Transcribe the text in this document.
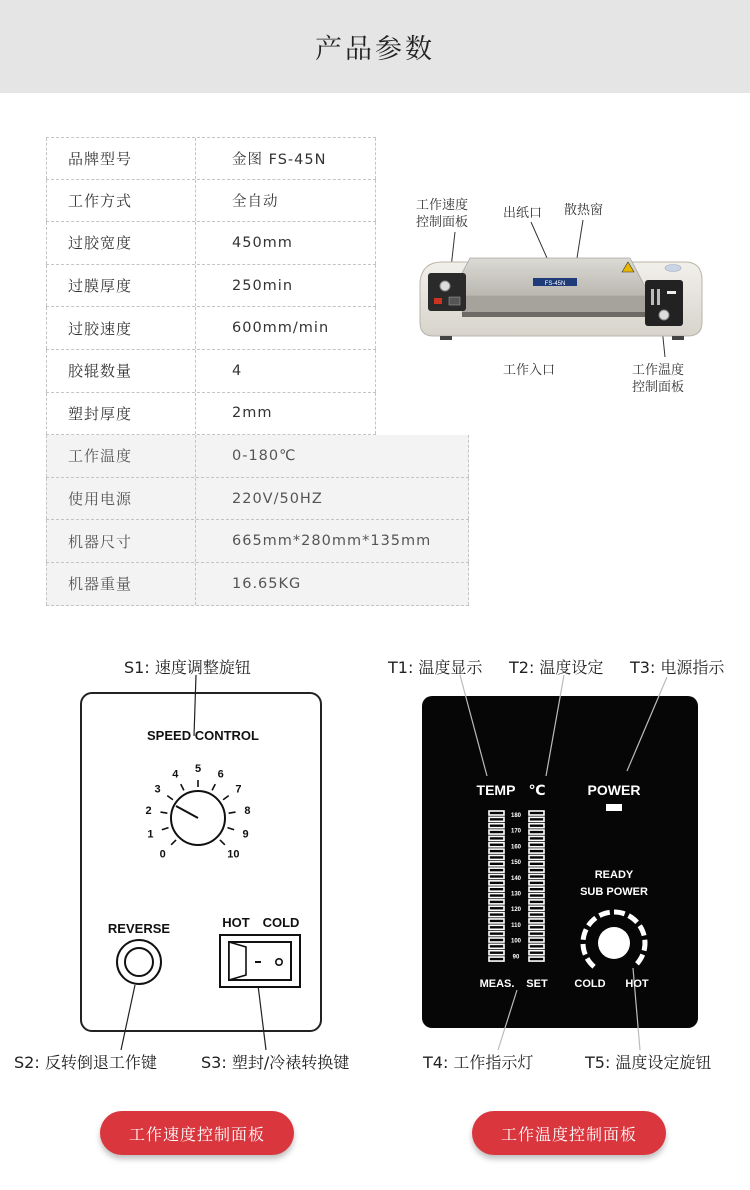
产品参数
品牌型号	金图 FS-45N
工作方式	全自动
过胶宽度	450mm
过膜厚度	250min
过胶速度	600mm/min
胶辊数量	4
塑封厚度	2mm
工作温度	0-180℃
使用电源	220V/50HZ
机器尺寸	665mm*280mm*135mm
机器重量	16.65KG
工作速度
控制面板
出纸口 散热窗
工作入口	工作温度
控制面板
FS-45N
S1: 速度调整旋钮
SPEED CONTROL
0
1
2
3
4 5 6
7
8
9
10
REVERSE	HOT COLD
S2: 反转倒退工作键	S3: 塑封/冷裱转换键
工作速度控制面板
T1: 温度显示 T2: 温度设定 T3: 电源指示
TEMP ℃	POWER
180
170
160
150
140
130
120
110
100
90
MEAS. SET
READY
SUB POWER
COLD HOT
T4: 工作指示灯	T5: 温度设定旋钮
工作温度控制面板
